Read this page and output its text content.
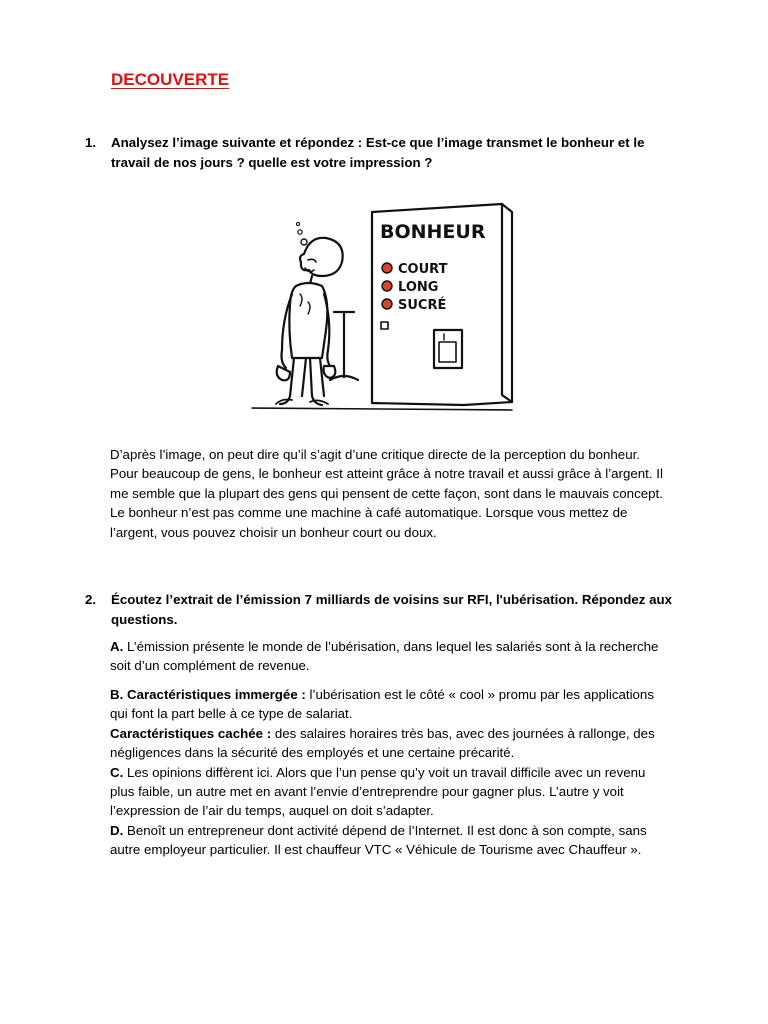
DECOUVERTE
1. Analysez l’image suivante et répondez : Est-ce que l’image transmet le bonheur et le travail de nos jours ? quelle est votre impression ?
BONHEUR
COURT
LONG
SUCRÉ
D’après l’image, on peut dire qu’il s’agit d’une critique directe de la perception du bonheur. Pour beaucoup de gens, le bonheur est atteint grâce à notre travail et aussi grâce à l’argent. Il me semble que la plupart des gens qui pensent de cette façon, sont dans le mauvais concept. Le bonheur n’est pas comme une machine à café automatique. Lorsque vous mettez de l’argent, vous pouvez choisir un bonheur court ou doux.
2. Écoutez l’extrait de l’émission 7 milliards de voisins sur RFI, l'ubérisation. Répondez aux questions.
A. L’émission présente le monde de l’ubérisation, dans lequel les salariés sont à la recherche soit d’un complément de revenue.
B. Caractéristiques immergée : l’ubérisation est le côté « cool » promu par les applications qui font la part belle à ce type de salariat.
Caractéristiques cachée : des salaires horaires très bas, avec des journées à rallonge, des négligences dans la sécurité des employés et une certaine précarité.
C. Les opinions diffèrent ici. Alors que l’un pense qu’y voit un travail difficile avec un revenu plus faible, un autre met en avant l’envie d’entreprendre pour gagner plus. L’autre y voit l’expression de l’air du temps, auquel on doit s’adapter.
D. Benoît un entrepreneur dont activité dépend de l’Internet. Il est donc à son compte, sans autre employeur particulier. Il est chauffeur VTC « Véhicule de Tourisme avec Chauffeur ».
